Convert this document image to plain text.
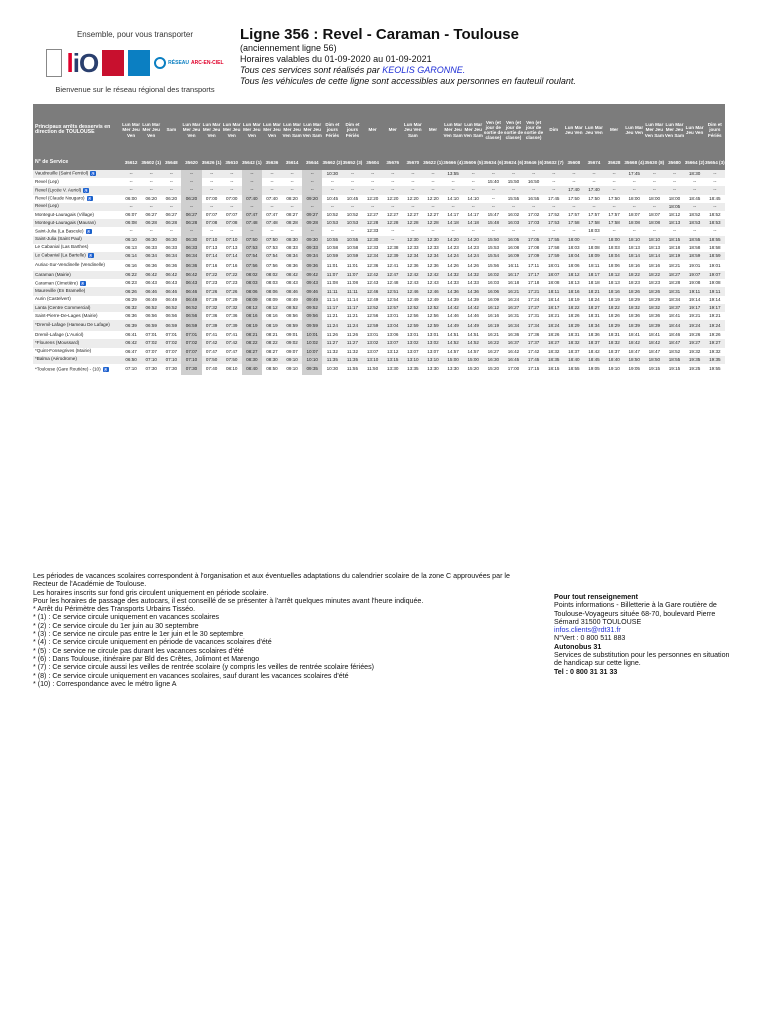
Ensemble, pour vous transporter
liO	RÉSEAU ARC-EN-CIEL
Bienvenue sur le réseau régional des transports
Ligne 356 : Revel - Caraman - Toulouse
(anciennement ligne 56)
Horaires valables du 01-09-2020 au 01-09-2021
Tous ces services sont réalisés par KEOLIS GARONNE.
Tous les véhicules de cette ligne sont accessibles aux personnes en fauteuil roulant.
Principaux arrêts desservis en direction de TOULOUSE	Lun Mar Mer Jeu Ven	Lun Mar Mer Jeu Ven	Sam	Lun Mar Mer Jeu Ven	Lun Mar Mer Jeu Ven	Lun Mar Mer Jeu Ven	Lun Mar Mer Jeu Ven	Lun Mar Mer Jeu Ven	Lun Mar Mer Jeu Ven Sam	Lun Mar Mer Jeu Ven Sam	Dim et jours Fériés	Dim et jours Fériés	Mer	Mer	Lun Mar Jeu Ven Sam	Mer	Lun Mar Mer Jeu Ven Sam	Lun Mar Mer Jeu Ven Sam	Ven (et jour de sortie de classe)	Ven (et jour de sortie de classe)	Ven (et jour de sortie de classe)	Dim	Lun Mar Jeu Ven	Lun Mar Jeu Ven	Mer	Lun Mar Jeu Ven	Lun Mar Mer Jeu Ven Sam	Lun Mar Mer Jeu Ven Sam	Lun Mar Jeu Ven	Dim et jours Fériés
N° de Service	35612	35602 (1)	35648	35620	35626 (1)	35610	35642 (1)	35636	35614	35644	35662 (2)	35652 (3)	35604	35676	35670	35622 (1)	35666 (4)	35606 (5)	35634 (6)	35624 (6)	35646 (6)	35632 (7)	35608	35674	35628	35668 (4)	35630 (8)	35680	35664 (2)	35654 (3)
Vaudreuille (Saint Ferréol) ♿	--	--	--	--	--	--	--	--	--	--	10:30	--	--	--	--	--	13:55	--	--	--	--	--	--	--	--	17:45	--	--	18:30	--
Revel (Lep)	--	--	--	--	--	--	--	--	--	--	--	--	--	--	--	--	--	--	15:40	15:50	16:50	--	--	--	--	--	--	--	--	--
Revel (Lycée V. Auriol) ♿	--	--	--	--	--	--	--	--	--	--	--	--	--	--	--	--	--	--	--	--	--	--	17:40	17:40	--	--	--	--	--	--
Revel (Claude Nougaro) ♿	06:00	06:20	06:20	06:20	07:00	07:00	07:40	07:40	08:20	09:20	10:45	10:45	12:20	12:20	12:20	12:20	14:10	14:10	--	15:55	16:55	17:45	17:50	17:50	17:50	18:00	18:00	18:00	18:45	18:45
Revel (Lep)	--	--	--	--	--	--	--	--	--	--	--	--	--	--	--	--	--	--	--	--	--	--	--	--	--	--	--	18:05	--	--
Montegut-Lauragais (Village)	06:07	06:27	06:27	06:27	07:07	07:07	07:47	07:47	08:27	09:27	10:52	10:52	12:27	12:27	12:27	12:27	14:17	14:17	15:47	16:02	17:02	17:52	17:57	17:57	17:57	18:07	18:07	18:12	18:52	18:52
Montegut-Lauragais (Mauran)	06:08	06:28	06:28	06:28	07:08	07:08	07:48	07:48	08:28	09:28	10:53	10:53	12:28	12:28	12:28	12:28	14:18	14:18	15:48	16:03	17:03	17:53	17:58	17:58	17:58	18:08	18:08	18:13	18:53	18:53
Saint-Julia (La Bascule) ♿	--	--	--	--	--	--	--	--	--	--	--	--	12:33	--	--	--	--	--	--	--	--	--	--	18:03	--	--	--	--	--	--
Saint-Julia (Saint Paul)	06:10	06:30	06:30	06:30	07:10	07:10	07:50	07:50	08:30	09:30	10:55	10:55	12:30	--	12:30	12:30	14:20	14:20	15:50	16:05	17:05	17:55	18:00	--	18:00	18:10	18:10	18:15	18:55	18:55
Le Cabanial (Las Barthes)	06:13	06:33	06:33	06:33	07:13	07:13	07:53	07:53	08:33	09:33	10:58	10:58	12:33	12:38	12:33	12:33	14:23	14:23	15:53	16:08	17:08	17:58	18:03	18:08	18:03	18:13	18:13	18:18	18:58	18:58
Le Cabanial (La Bartelle) ♿	06:14	06:34	06:34	06:34	07:14	07:14	07:54	07:54	08:34	09:34	10:59	10:59	12:34	12:39	12:34	12:34	14:24	14:24	15:54	16:09	17:09	17:59	18:04	18:09	18:04	18:14	18:14	18:19	18:59	18:59
Auriac-Sur-Vendinelle (Vendinelle)	06:16	06:36	06:36	06:36	07:16	07:16	07:56	07:56	08:36	09:36	11:01	11:01	12:36	12:41	12:36	12:36	14:26	14:26	15:56	16:11	17:11	18:01	18:06	18:11	18:06	18:16	18:16	18:21	19:01	19:01
Caraman (Mairie)	06:22	06:42	06:42	06:42	07:22	07:22	08:02	08:02	08:42	09:42	11:07	11:07	12:42	12:47	12:42	12:42	14:32	14:32	16:02	16:17	17:17	18:07	18:12	18:17	18:12	18:22	18:22	18:27	19:07	19:07
Caraman (Cimetière) ♿	06:23	06:43	06:43	06:43	07:23	07:23	08:03	08:03	08:43	09:43	11:08	11:08	12:43	12:48	12:43	12:43	14:33	14:33	16:03	16:18	17:18	18:08	18:13	18:18	18:13	18:23	18:23	18:28	19:08	19:08
Maureville (En Bramelle)	06:26	06:46	06:46	06:46	07:26	07:26	08:06	08:06	08:46	09:46	11:11	11:11	12:46	12:51	12:46	12:46	14:36	14:36	16:06	16:21	17:21	18:11	18:16	18:21	18:16	18:26	18:26	18:31	19:11	19:11
Aurin (Castelvert)	06:29	06:49	06:49	06:49	07:29	07:29	08:09	08:09	08:49	09:49	11:14	11:14	12:49	12:54	12:49	12:49	14:39	14:39	16:09	16:24	17:24	18:14	18:19	18:24	18:19	18:29	18:29	18:34	19:14	19:14
Lanta (Centre Commercial)	06:32	06:52	06:52	06:52	07:32	07:32	08:12	08:12	08:52	09:52	11:17	11:17	12:52	12:57	12:52	12:52	14:42	14:42	16:12	16:27	17:27	18:17	18:22	18:27	18:22	18:32	18:32	18:37	19:17	19:17
Saint-Pierre-De-Lages (Mairie)	06:36	06:56	06:56	06:56	07:36	07:36	08:16	08:16	08:56	09:56	11:21	11:21	12:56	13:01	12:56	12:56	14:46	14:46	16:16	16:31	17:31	18:21	18:26	18:31	18:26	18:36	18:36	18:41	19:21	19:21
*Dremil-Lafage (Hameau De Lafage)	06:39	06:59	06:59	06:59	07:39	07:39	08:19	08:19	08:59	09:59	11:24	11:24	12:59	13:04	12:59	12:59	14:49	14:49	16:19	16:34	17:34	18:24	18:29	18:34	18:29	18:39	18:39	18:44	19:24	19:24
Dremil-Lafage (L'Auriol)	06:41	07:01	07:01	07:01	07:41	07:41	08:21	08:21	09:01	10:01	11:26	11:26	13:01	13:06	13:01	13:01	14:51	14:51	16:21	16:36	17:36	18:26	18:31	18:36	18:31	18:41	18:41	18:46	19:26	19:26
*Flourens (Moussard)	06:42	07:02	07:02	07:02	07:42	07:42	08:22	08:22	09:02	10:02	11:27	11:27	13:02	13:07	13:02	13:02	14:52	14:52	16:22	16:37	17:37	18:27	18:32	18:37	18:32	18:42	18:42	18:47	19:27	19:27
*Quint-Fonsegrives (Mairie)	06:47	07:07	07:07	07:07	07:47	07:47	08:27	08:27	09:07	10:07	11:32	11:32	13:07	13:12	13:07	13:07	14:57	14:57	16:27	16:42	17:42	18:32	18:37	18:42	18:37	18:47	18:47	18:52	19:32	19:32
*Balma (Aérodrome)	06:50	07:10	07:10	07:10	07:50	07:50	08:30	08:30	09:10	10:10	11:35	11:35	13:10	13:15	13:10	13:10	15:00	15:00	16:30	16:45	17:45	18:35	18:40	18:45	18:40	18:50	18:50	18:55	19:35	19:35
*Toulouse (Gare Routière) - (10) ♿	07:10	07:30	07:30	07:30	07:40	08:10	08:40	08:50	09:10	09:35	10:30	11:55	11:50	13:30	13:35	13:30	13:30	15:20	15:20	17:00	17:15	18:15	18:55	19:05	19:10	19:05	19:15	19:15	19:25	19:55

Les périodes de vacances scolaires correspondent à l'organisation et aux éventuelles adaptations du calendrier scolaire de la zone C approuvées par le Recteur de l'Académie de Toulouse.

Les horaires inscrits sur fond gris circulent uniquement en période scolaire.

Pour les horaires de passage des autocars, il est conseillé de se présenter à l'arrêt quelques minutes avant l'heure indiquée.

* Arrêt du Périmètre des Transports Urbains Tisséo.

* (1) : Ce service circule uniquement en vacances scolaires

* (2) : Ce service circule du 1er juin au 30 septembre

* (3) : Ce service ne circule pas entre le 1er juin et le 30 septembre

* (4) : Ce service circule uniquement en période de vacances scolaires d'été

* (5) : Ce service ne circule pas durant les vacances scolaires d'été

* (6) : Dans Toulouse, itinéraire par Bld des Crêtes, Jolimont et Marengo

* (7) : Ce service circule aussi les veilles de rentrée scolaire (y compris les veilles de rentrée scolaire fériées)

* (8) : Ce service circule uniquement en vacances scolaires, sauf durant les vacances scolaires d'été

* (10) : Correspondance avec le métro ligne A

Pour tout renseignement

Points informations - Billetterie à la Gare routière de Toulouse-Voyageurs située 68-70, boulevard Pierre Sémard 31500 TOULOUSE

infos.clients@rdt31.fr

N°Vert : 0 800 511 883

Autonobus 31

Services de substitution pour les personnes en situation de handicap sur cette ligne.

Tel : 0 800 31 31 33
